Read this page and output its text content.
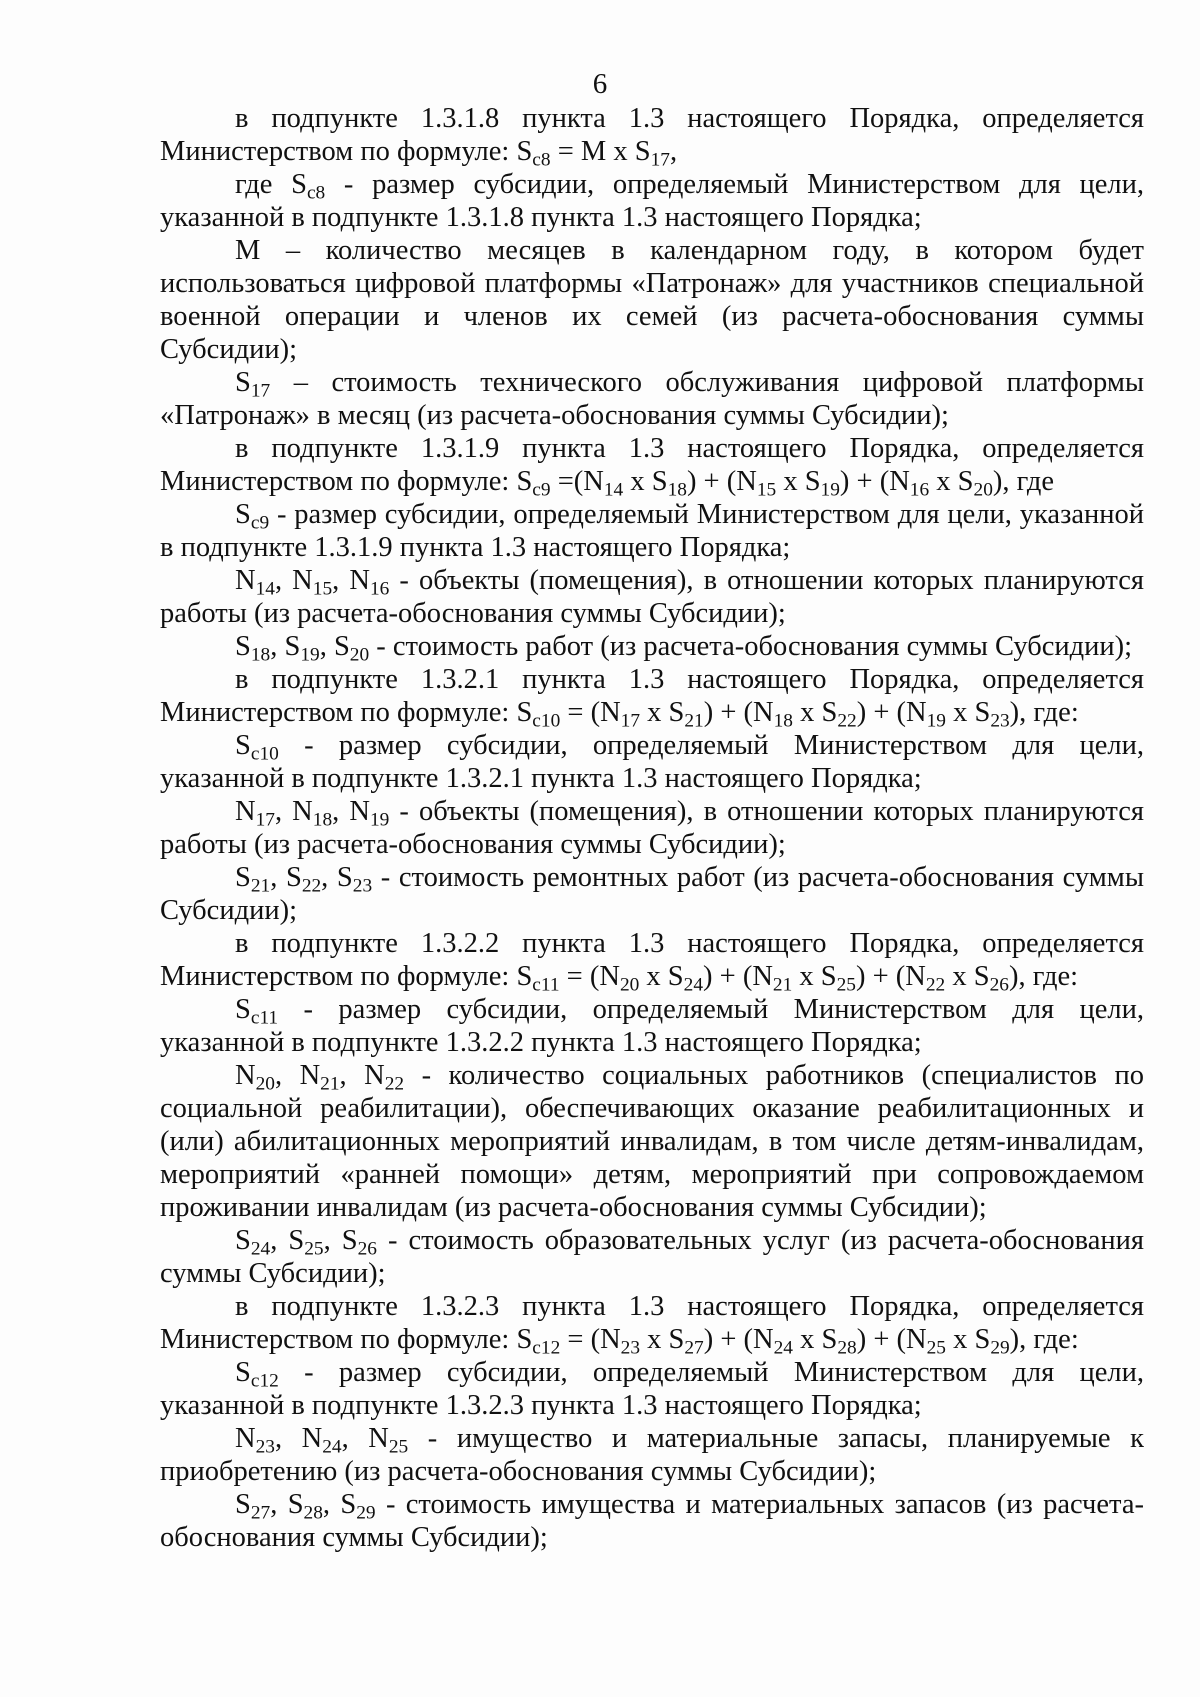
6

в подпункте 1.3.1.8 пункта 1.3 настоящего Порядка, определяется Министерством по формуле: $S_{c8} = M$ x $S_{17}$,

где $S_{c8}$ - размер субсидии, определяемый Министерством для цели, указанной в подпункте 1.3.1.8 пункта 1.3 настоящего Порядка;

М – количество месяцев в календарном году, в котором будет использоваться цифровой платформы «Патронаж» для участников специальной военной операции и членов их семей (из расчета-обоснования суммы Субсидии);

$S_{17}$ – стоимость технического обслуживания цифровой платформы «Патронаж» в месяц (из расчета-обоснования суммы Субсидии);

в подпункте 1.3.1.9 пункта 1.3 настоящего Порядка, определяется Министерством по формуле: $S_{c9} =(N_{14}$ x $S_{18}) + (N_{15}$ x $S_{19}) + (N_{16}$ x $S_{20}$), где

$S_{c9}$ - размер субсидии, определяемый Министерством для цели, указанной в подпункте 1.3.1.9 пункта 1.3 настоящего Порядка;

$N_{14}$, $N_{15}$, $N_{16}$ - объекты (помещения), в отношении которых планируются работы (из расчета-обоснования суммы Субсидии);

$S_{18}$, $S_{19}$, $S_{20}$ - стоимость работ (из расчета-обоснования суммы Субсидии);

в подпункте 1.3.2.1 пункта 1.3 настоящего Порядка, определяется Министерством по формуле: $S_{c10} = (N_{17}$ x $S_{21}) + (N_{18}$ x $S_{22}) + (N_{19}$ x $S_{23}$), где:

$S_{c10}$ - размер субсидии, определяемый Министерством для цели, указанной в подпункте 1.3.2.1 пункта 1.3 настоящего Порядка;

$N_{17}$, $N_{18}$, $N_{19}$ - объекты (помещения), в отношении которых планируются работы (из расчета-обоснования суммы Субсидии);

$S_{21}$, $S_{22}$, $S_{23}$ - стоимость ремонтных работ (из расчета-обоснования суммы Субсидии);

в подпункте 1.3.2.2 пункта 1.3 настоящего Порядка, определяется Министерством по формуле: $S_{c11} = (N_{20}$ x $S_{24}) + (N_{21}$ x $S_{25}) + (N_{22}$ x $S_{26}$), где:

$S_{c11}$ - размер субсидии, определяемый Министерством для цели, указанной в подпункте 1.3.2.2 пункта 1.3 настоящего Порядка;

$N_{20}$, $N_{21}$, $N_{22}$ - количество социальных работников (специалистов по социальной реабилитации), обеспечивающих оказание реабилитационных и (или) абилитационных мероприятий инвалидам, в том числе детям-инвалидам, мероприятий «ранней помощи» детям, мероприятий при сопровождаемом проживании инвалидам (из расчета-обоснования суммы Субсидии);

$S_{24}$, $S_{25}$, $S_{26}$ - стоимость образовательных услуг (из расчета-обоснования суммы Субсидии);

в подпункте 1.3.2.3 пункта 1.3 настоящего Порядка, определяется Министерством по формуле: $S_{c12} = (N_{23}$ x $S_{27}) + (N_{24}$ x $S_{28}) + (N_{25}$ x $S_{29}$), где:

$S_{c12}$ - размер субсидии, определяемый Министерством для цели, указанной в подпункте 1.3.2.3 пункта 1.3 настоящего Порядка;

$N_{23}$, $N_{24}$, $N_{25}$ - имущество и материальные запасы, планируемые к приобретению (из расчета-обоснования суммы Субсидии);

$S_{27}$, $S_{28}$, $S_{29}$ - стоимость имущества и материальных запасов (из расчета-обоснования суммы Субсидии);
